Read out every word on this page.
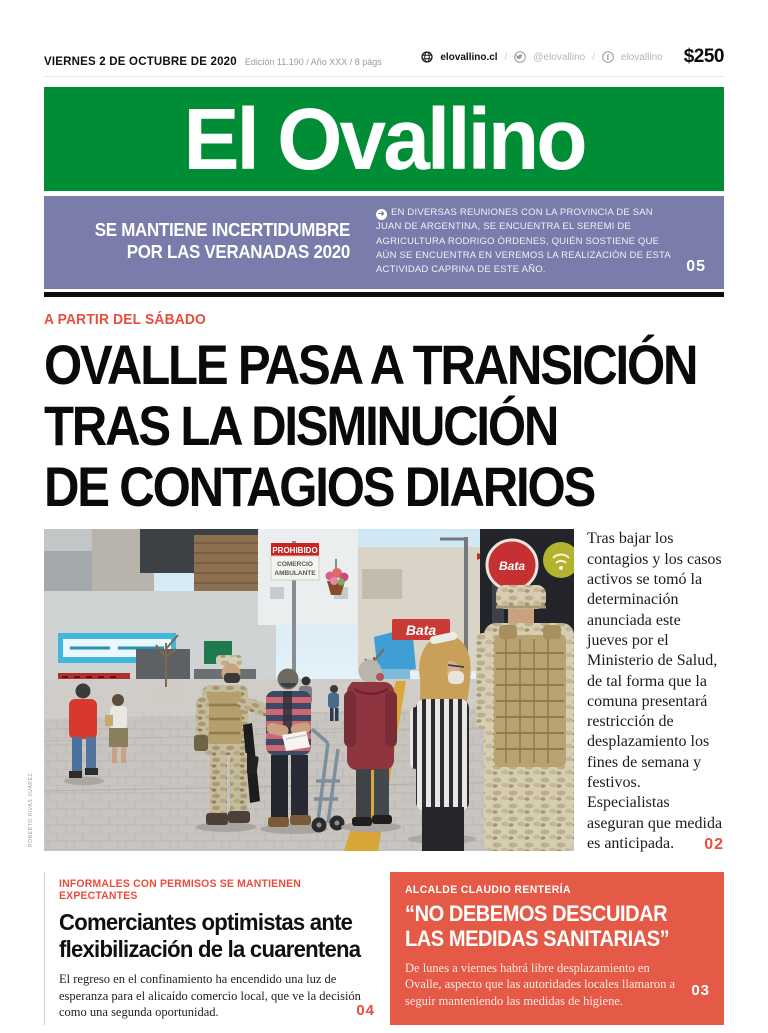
VIERNES 2 DE OCTUBRE DE 2020 Edición 11.190 / Año XXX / 8 págs	elovallino.cl /	@elovallino / f elovallino $250
El Ovallino
SE MANTIENE INCERTIDUMBRE
POR LAS VERANADAS 2020
➜ EN DIVERSAS REUNIONES CON LA PROVINCIA DE SAN JUAN DE ARGENTINA, SE ENCUENTRA EL SEREMI DE AGRICULTURA RODRIGO ÓRDENES, QUIÉN SOSTIENE QUE AÚN SE ENCUENTRA EN VEREMOS LA REALIZACIÓN DE ESTA ACTIVIDAD CAPRINA DE ESTE AÑO.	05
A PARTIR DEL SÁBADO
OVALLE PASA A TRANSICIÓN
TRAS LA DISMINUCIÓN
DE CONTAGIOS DIARIOS
ROBERTO RIVAS SUÁREZ
Bata
PROHIBIDO
COMERCIO
AMBULANTE
Bata
Tras bajar los contagios y los casos activos se tomó la determinación anunciada este jueves por el Ministerio de Salud, de tal forma que la comuna presentará restricción de desplazamiento los fines de semana y festivos. Especialistas aseguran que medida es anticipada. 02
INFORMALES CON PERMISOS SE MANTIENEN EXPECTANTES
Comerciantes optimistas ante flexibilización de la cuarentena
El regreso en el confinamiento ha encendido una luz de esperanza para el alicaído comercio local, que ve la decisión como una segunda oportunidad.	04
ALCALDE CLAUDIO RENTERÍA
“NO DEBEMOS DESCUIDAR LAS MEDIDAS SANITARIAS”
De lunes a viernes habrá libre desplazamiento en Ovalle, aspecto que las autoridades locales llamaron a seguir manteniendo las medidas de higiene.
03
